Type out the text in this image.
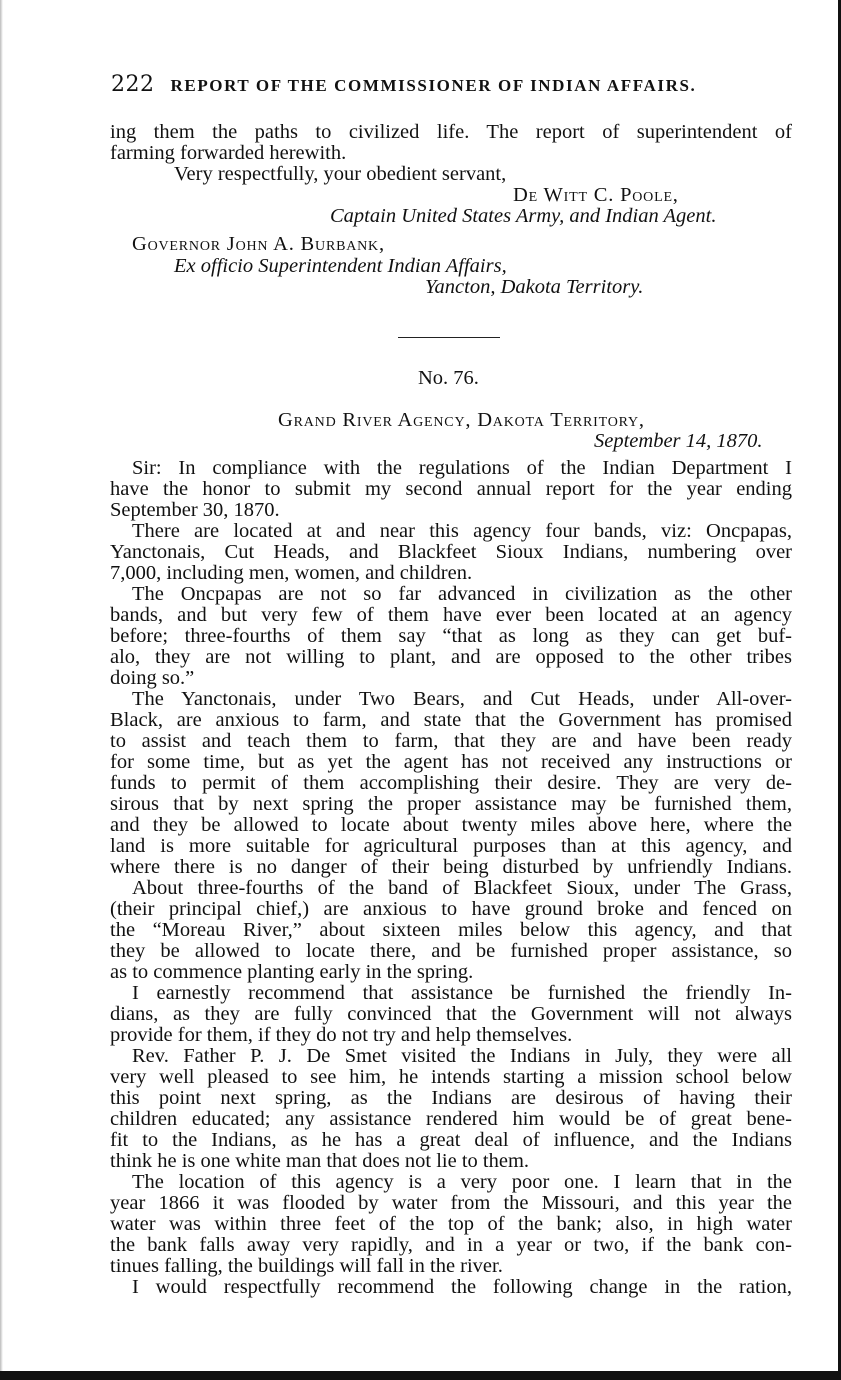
222 REPORT OF THE COMMISSIONER OF INDIAN AFFAIRS.
ing them the paths to civilized life. The report of superintendent of
farming forwarded herewith.
Very respectfully, your obedient servant,
De Witt C. Poole,
Captain United States Army, and Indian Agent.
Governor John A. Burbank,
Ex officio Superintendent Indian Affairs,
Yancton, Dakota Territory.
No. 76.
Grand River Agency, Dakota Territory,
September 14, 1870.
Sir: In compliance with the regulations of the Indian Department I
have the honor to submit my second annual report for the year ending
September 30, 1870.
There are located at and near this agency four bands, viz: Oncpapas,
Yanctonais, Cut Heads, and Blackfeet Sioux Indians, numbering over
7,000, including men, women, and children.
The Oncpapas are not so far advanced in civilization as the other
bands, and but very few of them have ever been located at an agency
before; three-fourths of them say “that as long as they can get buf-
alo, they are not willing to plant, and are opposed to the other tribes
doing so.”
The Yanctonais, under Two Bears, and Cut Heads, under All-over-
Black, are anxious to farm, and state that the Government has promised
to assist and teach them to farm, that they are and have been ready
for some time, but as yet the agent has not received any instructions or
funds to permit of them accomplishing their desire. They are very de-
sirous that by next spring the proper assistance may be furnished them,
and they be allowed to locate about twenty miles above here, where the
land is more suitable for agricultural purposes than at this agency, and
where there is no danger of their being disturbed by unfriendly Indians.
About three-fourths of the band of Blackfeet Sioux, under The Grass,
(their principal chief,) are anxious to have ground broke and fenced on
the “Moreau River,” about sixteen miles below this agency, and that
they be allowed to locate there, and be furnished proper assistance, so
as to commence planting early in the spring.
I earnestly recommend that assistance be furnished the friendly In-
dians, as they are fully convinced that the Government will not always
provide for them, if they do not try and help themselves.
Rev. Father P. J. De Smet visited the Indians in July, they were all
very well pleased to see him, he intends starting a mission school below
this point next spring, as the Indians are desirous of having their
children educated; any assistance rendered him would be of great bene-
fit to the Indians, as he has a great deal of influence, and the Indians
think he is one white man that does not lie to them.
The location of this agency is a very poor one. I learn that in the
year 1866 it was flooded by water from the Missouri, and this year the
water was within three feet of the top of the bank; also, in high water
the bank falls away very rapidly, and in a year or two, if the bank con-
tinues falling, the buildings will fall in the river.
I would respectfully recommend the following change in the ration,
